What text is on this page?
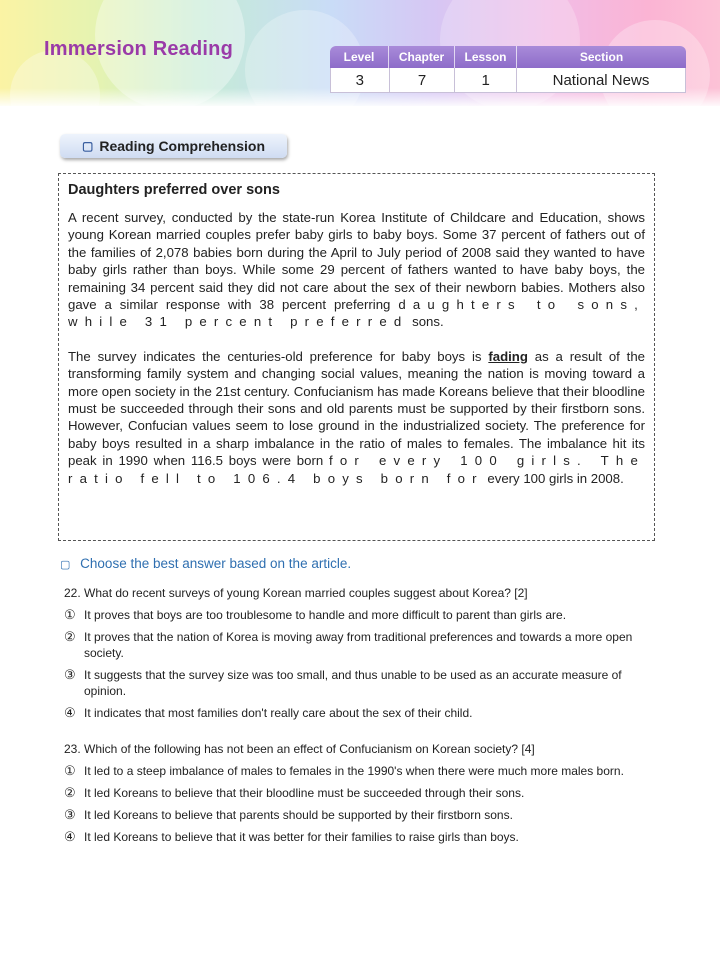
Immersion Reading	Level	Chapter	Lesson	Section
3	7	1	National News
▢ Reading Comprehension
Daughters preferred over sons

A recent survey, conducted by the state-run Korea Institute of Childcare and Education, shows young Korean married couples prefer baby girls to baby boys. Some 37 percent of fathers out of the families of 2,078 babies born during the April to July period of 2008 said they wanted to have baby girls rather than boys. While some 29 percent of fathers wanted to have baby boys, the remaining 34 percent said they did not care about the sex of their newborn babies. Mothers also gave a similar response with 38 percent preferring daughters to sons, while 31 percent preferred sons.

The survey indicates the centuries-old preference for baby boys is fading as a result of the transforming family system and changing social values, meaning the nation is moving toward a more open society in the 21st century. Confucianism has made Koreans believe that their bloodline must be succeeded through their sons and old parents must be supported by their firstborn sons. However, Confucian values seem to lose ground in the industrialized society. The preference for baby boys resulted in a sharp imbalance in the ratio of males to females. The imbalance hit its peak in 1990 when 116.5 boys were born for every 100 girls. The ratio fell to 106.4 boys born for every 100 girls in 2008.

▢ Choose the best answer based on the article.
22. What do recent surveys of young Korean married couples suggest about Korea? [2]
① It proves that boys are too troublesome to handle and more difficult to parent than girls are.
② It proves that the nation of Korea is moving away from traditional preferences and towards a more open society.
③ It suggests that the survey size was too small, and thus unable to be used as an accurate measure of opinion.
④ It indicates that most families don't really care about the sex of their child.
23. Which of the following has not been an effect of Confucianism on Korean society? [4]
① It led to a steep imbalance of males to females in the 1990's when there were much more males born.
② It led Koreans to believe that their bloodline must be succeeded through their sons.
③ It led Koreans to believe that parents should be supported by their firstborn sons.
④ It led Koreans to believe that it was better for their families to raise girls than boys.
